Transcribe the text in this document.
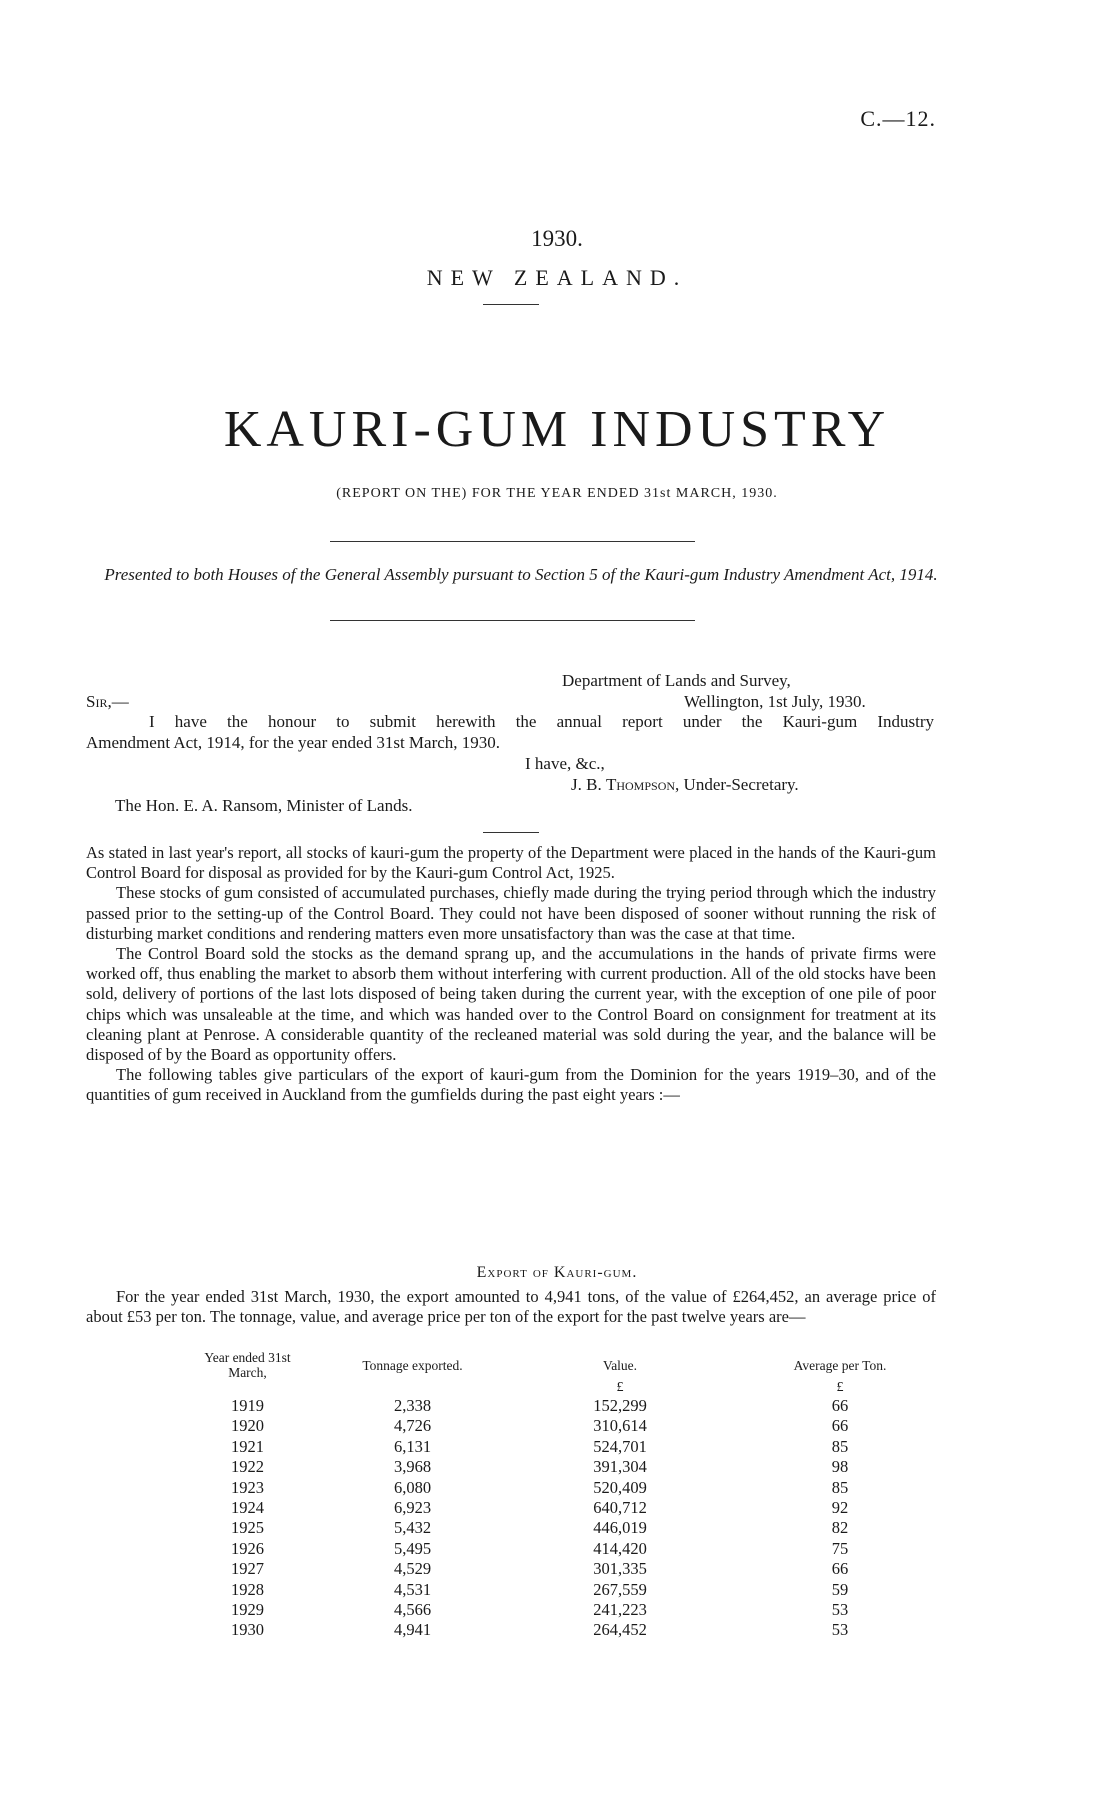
C.—12.
1930.
NEW ZEALAND.
KAURI-GUM INDUSTRY
(REPORT ON THE) FOR THE YEAR ENDED 31st MARCH, 1930.
Presented to both Houses of the General Assembly pursuant to Section 5 of the Kauri-gum Industry Amendment Act, 1914.
Department of Lands and Survey,
Sir,—	Wellington, 1st July, 1930.
I have the honour to submit herewith the annual report under the Kauri-gum Industry
Amendment Act, 1914, for the year ended 31st March, 1930.
I have, &c.,
J. B. Thompson, Under-Secretary.
The Hon. E. A. Ransom, Minister of Lands.

As stated in last year's report, all stocks of kauri-gum the property of the Department were placed in the hands of the Kauri-gum Control Board for disposal as provided for by the Kauri-gum Control Act, 1925.

These stocks of gum consisted of accumulated purchases, chiefly made during the trying period through which the industry passed prior to the setting-up of the Control Board. They could not have been disposed of sooner without running the risk of disturbing market conditions and rendering matters even more unsatisfactory than was the case at that time.

The Control Board sold the stocks as the demand sprang up, and the accumulations in the hands of private firms were worked off, thus enabling the market to absorb them without interfering with current production. All of the old stocks have been sold, delivery of portions of the last lots disposed of being taken during the current year, with the exception of one pile of poor chips which was unsaleable at the time, and which was handed over to the Control Board on consignment for treatment at its cleaning plant at Penrose. A considerable quantity of the recleaned material was sold during the year, and the balance will be disposed of by the Board as opportunity offers.

The following tables give particulars of the export of kauri-gum from the Dominion for the years 1919–30, and of the quantities of gum received in Auckland from the gumfields during the past eight years :—

Export of Kauri-gum.

For the year ended 31st March, 1930, the export amounted to 4,941 tons, of the value of £264,452, an average price of about £53 per ton. The tonnage, value, and average price per ton of the export for the past twelve years are—

Year ended 31st March,	Tonnage exported.	Value.	Average per Ton.
		£	£
1919	2,338	152,299	66
1920	4,726	310,614	66
1921	6,131	524,701	85
1922	3,968	391,304	98
1923	6,080	520,409	85
1924	6,923	640,712	92
1925	5,432	446,019	82
1926	5,495	414,420	75
1927	4,529	301,335	66
1928	4,531	267,559	59
1929	4,566	241,223	53
1930	4,941	264,452	53
